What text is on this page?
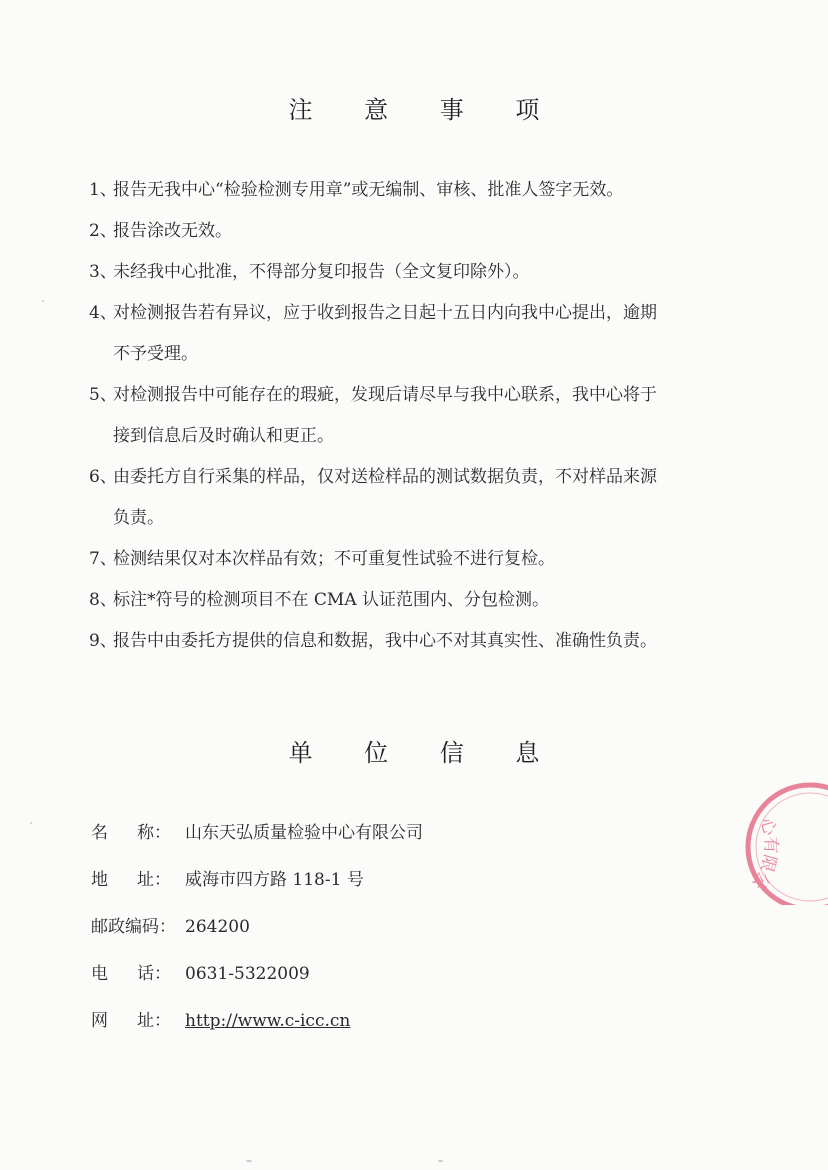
注 意 事 项
1、
报告无我中心“检验检测专用章”或无编制、审核、批准人签字无效。
2、
报告涂改无效。
3、
未经我中心批准，不得部分复印报告（全文复印除外）。
4、
对检测报告若有异议，应于收到报告之日起十五日内向我中心提出，逾期
不予受理。
5、
对检测报告中可能存在的瑕疵，发现后请尽早与我中心联系，我中心将于
接到信息后及时确认和更正。
6、
由委托方自行采集的样品，仅对送检样品的测试数据负责，不对样品来源
负责。
7、
检测结果仅对本次样品有效；不可重复性试验不进行复检。
8、
标注*符号的检测项目不在 CMA 认证范围内、分包检测。
9、
报告中由委托方提供的信息和数据，我中心不对其真实性、准确性负责。
单 位 信 息
名 称： 山东天弘质量检验中心有限公司
地 址： 威海市四方路 118-1 号
邮政编码： 264200
电 话： 0631-5322009
网 址： http://www.c-icc.cn
心有限公
